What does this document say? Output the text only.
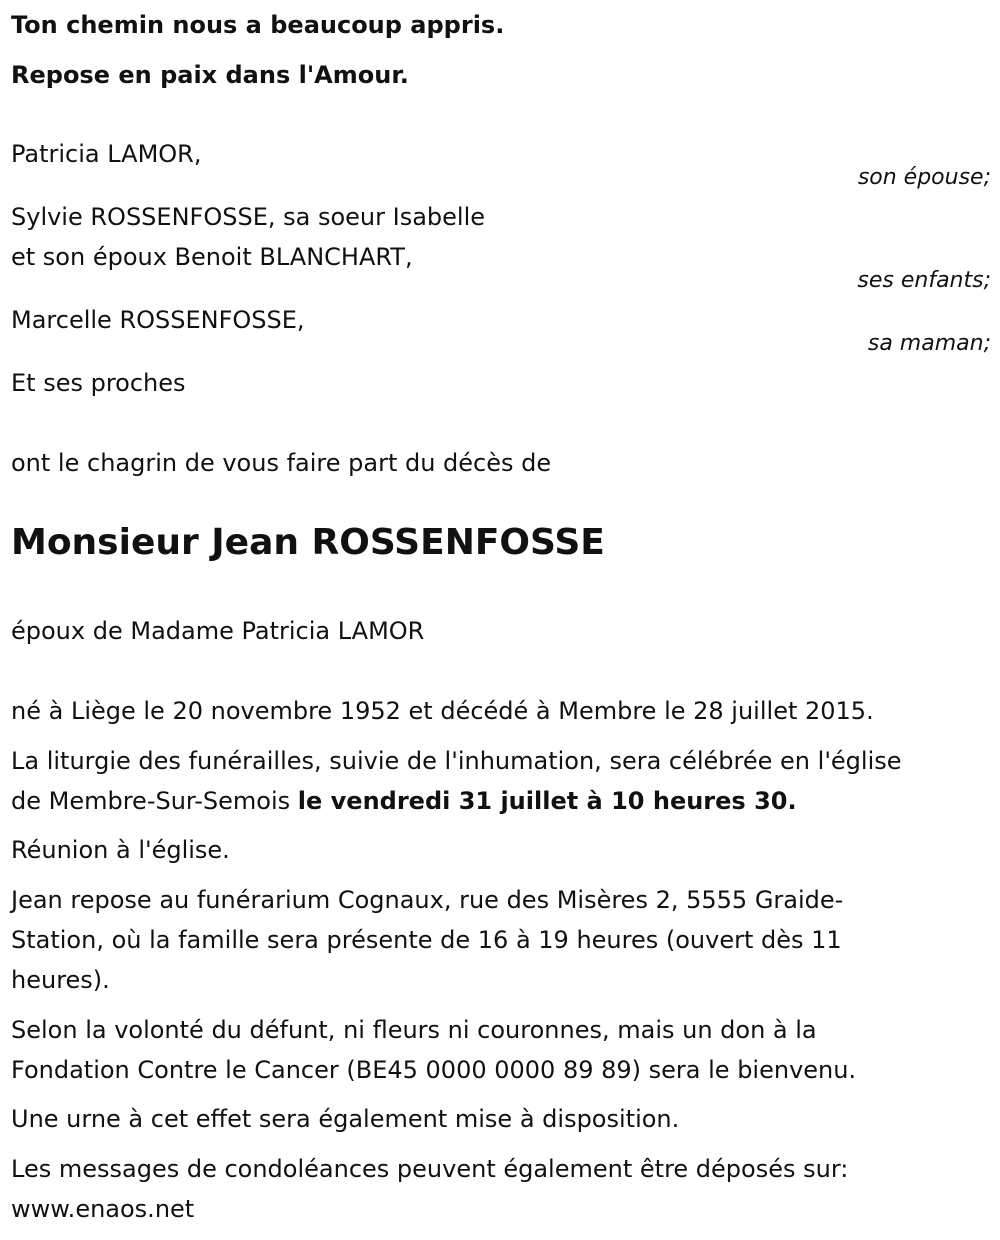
Ton chemin nous a beaucoup appris.
Repose en paix dans l'Amour.
Patricia LAMOR,
son épouse;
Sylvie ROSSENFOSSE, sa soeur Isabelle
et son époux Benoit BLANCHART,
ses enfants;
Marcelle ROSSENFOSSE,
sa maman;
Et ses proches
ont le chagrin de vous faire part du décès de
Monsieur Jean ROSSENFOSSE
époux de Madame Patricia LAMOR
né à Liège le 20 novembre 1952 et décédé à Membre le 28 juillet 2015.
La liturgie des funérailles, suivie de l'inhumation, sera célébrée en l'église
de Membre-Sur-Semois le vendredi 31 juillet à 10 heures 30.
Réunion à l'église.
Jean repose au funérarium Cognaux, rue des Misères 2, 5555 Graide-
Station, où la famille sera présente de 16 à 19 heures (ouvert dès 11
heures).
Selon la volonté du défunt, ni fleurs ni couronnes, mais un don à la
Fondation Contre le Cancer (BE45 0000 0000 89 89) sera le bienvenu.
Une urne à cet effet sera également mise à disposition.
Les messages de condoléances peuvent également être déposés sur:
www.enaos.net
